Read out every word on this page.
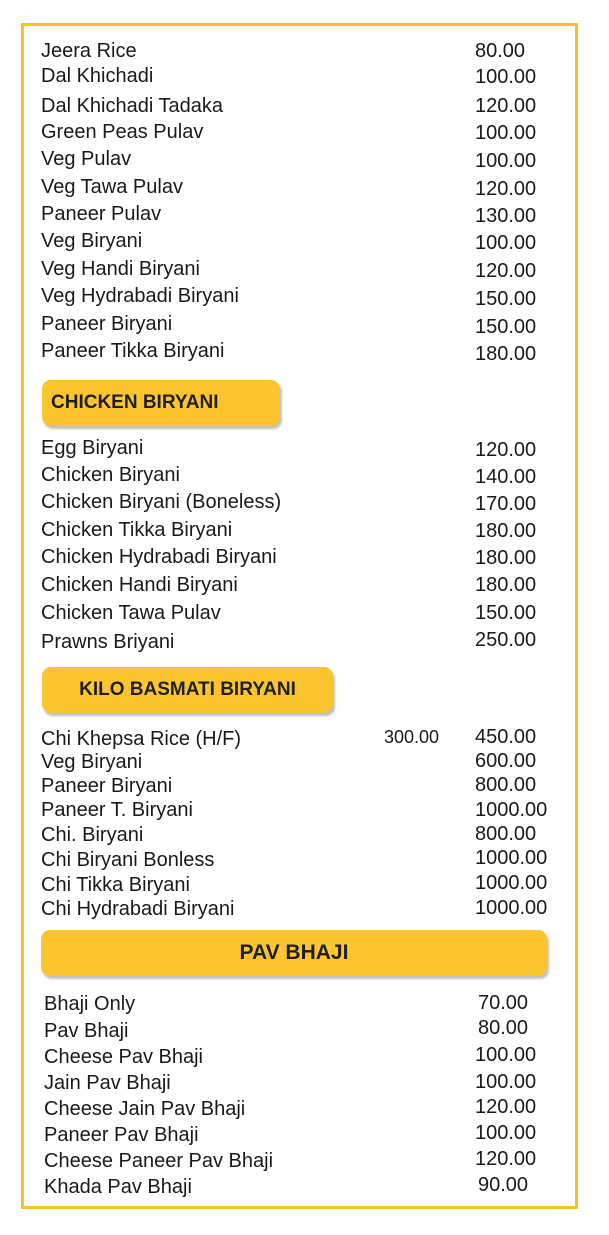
Jeera Rice	80.00
Dal Khichadi	100.00
Dal Khichadi Tadaka	120.00
Green Peas Pulav	100.00
Veg Pulav	100.00
Veg Tawa Pulav	120.00
Paneer Pulav	130.00
Veg Biryani	100.00
Veg Handi Biryani	120.00
Veg Hydrabadi Biryani	150.00
Paneer Biryani	150.00
Paneer Tikka Biryani	180.00
CHICKEN BIRYANI
Egg Biryani	120.00
Chicken Biryani	140.00
Chicken Biryani (Boneless)	170.00
Chicken Tikka Biryani	180.00
Chicken Hydrabadi Biryani	180.00
Chicken Handi Biryani	180.00
Chicken Tawa Pulav	150.00
Prawns Briyani	250.00
KILO BASMATI BIRYANI
Chi Khepsa Rice (H/F)	300.00 450.00
Veg Biryani	600.00
Paneer Biryani	800.00
Paneer T. Biryani	1000.00
Chi. Biryani	800.00
Chi Biryani Bonless	1000.00
Chi Tikka Biryani	1000.00
Chi Hydrabadi Biryani	1000.00
PAV BHAJI
Bhaji Only	70.00
Pav Bhaji	80.00
Cheese Pav Bhaji	100.00
Jain Pav Bhaji	100.00
Cheese Jain Pav Bhaji	120.00
Paneer Pav Bhaji	100.00
Cheese Paneer Pav Bhaji	120.00
Khada Pav Bhaji	90.00
